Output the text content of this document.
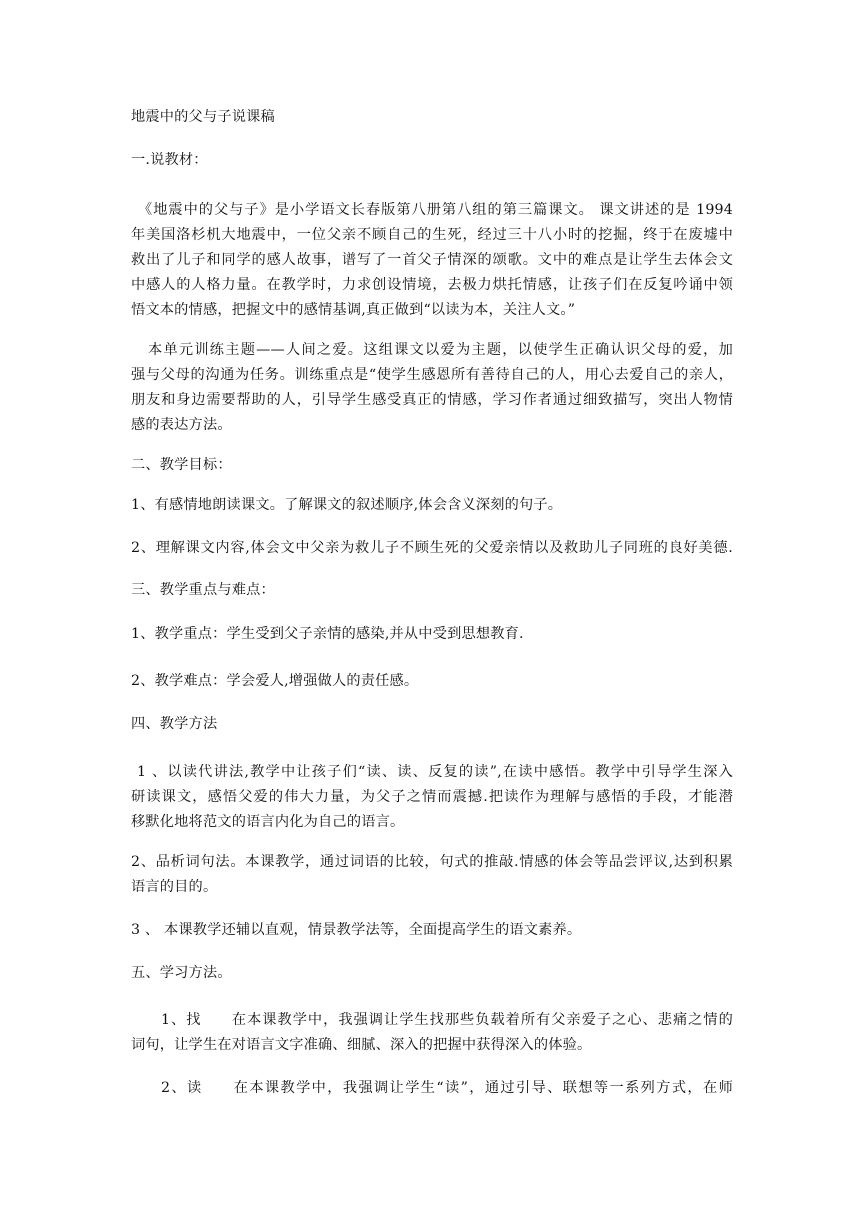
地震中的父与子说课稿
一.说教材：
《地震中的父与子》是小学语文长春版第八册第八组的第三篇课文。 课文讲述的是 1994
年美国洛杉机大地震中，一位父亲不顾自己的生死，经过三十八小时的挖掘，终于在废墟中
救出了儿子和同学的感人故事，谱写了一首父子情深的颂歌。文中的难点是让学生去体会文
中感人的人格力量。在教学时，力求创设情境，去极力烘托情感，让孩子们在反复吟诵中领
悟文本的情感，把握文中的感情基调,真正做到“以读为本，关注人文。”
本单元训练主题——人间之爱。这组课文以爱为主题，以使学生正确认识父母的爱，加
强与父母的沟通为任务。训练重点是“使学生感恩所有善待自己的人，用心去爱自己的亲人，
朋友和身边需要帮助的人，引导学生感受真正的情感，学习作者通过细致描写，突出人物情
感的表达方法。
二、教学目标：
1、有感情地朗读课文。了解课文的叙述顺序,体会含义深刻的句子。
2、理解课文内容,体会文中父亲为救儿子不顾生死的父爱亲情以及救助儿子同班的良好美德.
三、教学重点与难点：
1、教学重点：学生受到父子亲情的感染,并从中受到思想教育.
2、教学难点：学会爱人,增强做人的责任感。
四、教学方法
1 、以读代讲法,教学中让孩子们“读、读、反复的读”,在读中感悟。教学中引导学生深入
研读课文，感悟父爱的伟大力量，为父子之情而震撼.把读作为理解与感悟的手段，才能潜
移默化地将范文的语言内化为自己的语言。
2、品析词句法。本课教学，通过词语的比较，句式的推敲.情感的体会等品尝评议,达到积累
语言的目的。
3 、 本课教学还辅以直观，情景教学法等，全面提高学生的语文素养。
五、学习方法。
1、找　　在本课教学中，我强调让学生找那些负载着所有父亲爱子之心、悲痛之情的
词句，让学生在对语言文字准确、细腻、深入的把握中获得深入的体验。
2、读　　在本课教学中，我强调让学生“读”，通过引导、联想等一系列方式，在师
